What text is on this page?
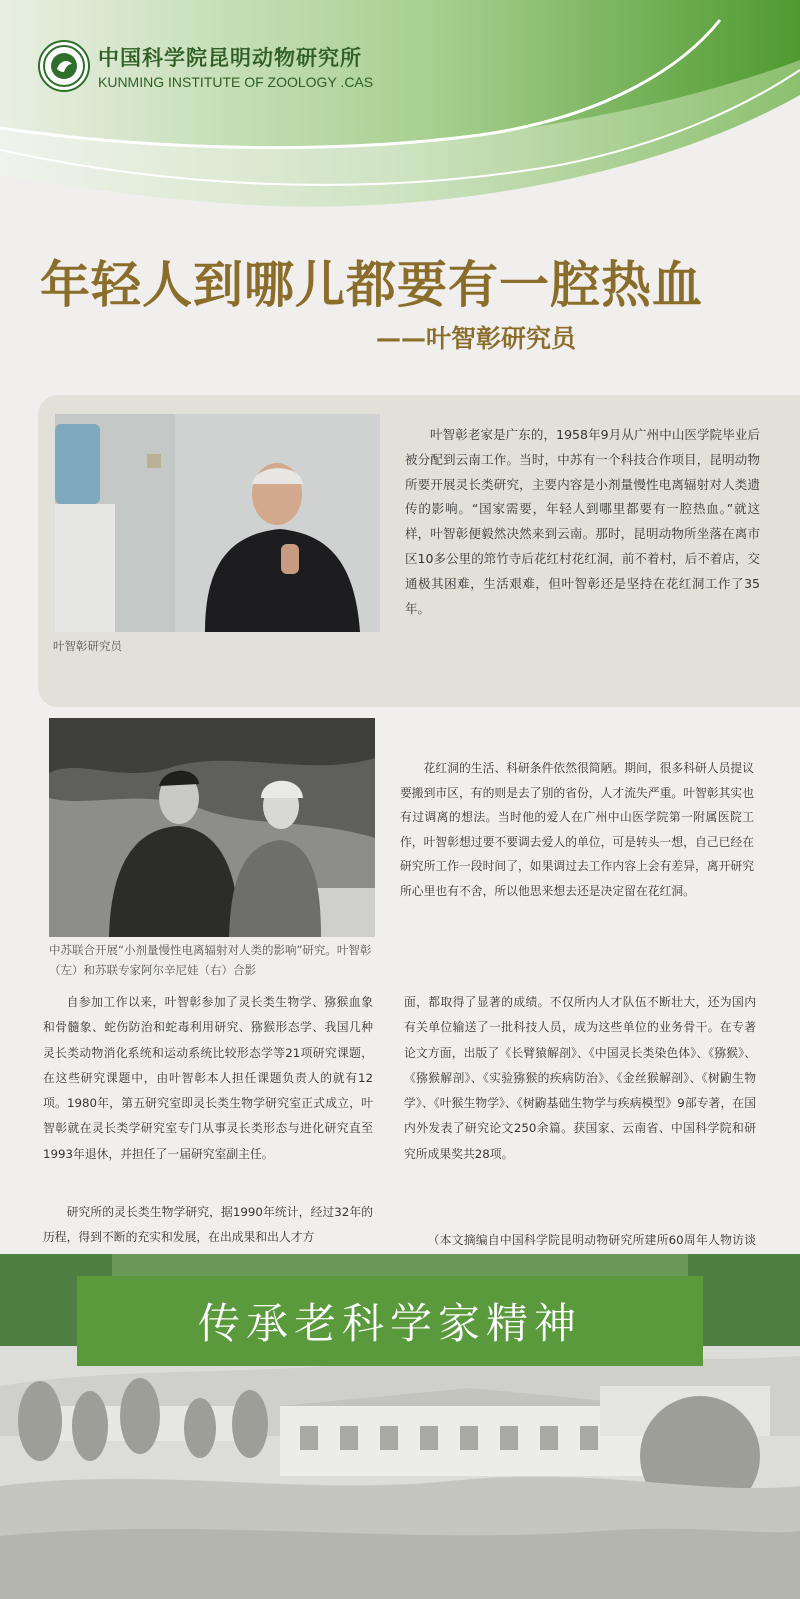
中国科学院昆明动物研究所
KUNMING INSTITUTE OF ZOOLOGY .CAS
年轻人到哪儿都要有一腔热血
——叶智彰研究员
叶智彰研究员
叶智彰老家是广东的，1958年9月从广州中山医学院毕业后被分配到云南工作。当时，中苏有一个科技合作项目，昆明动物所要开展灵长类研究，主要内容是小剂量慢性电离辐射对人类遗传的影响。“国家需要，年轻人到哪里都要有一腔热血。”就这样，叶智彰便毅然决然来到云南。那时，昆明动物所坐落在离市区10多公里的筇竹寺后花红村花红洞，前不着村，后不着店，交通极其困难，生活艰难，但叶智彰还是坚持在花红洞工作了35年。
中苏联合开展“小剂量慢性电离辐射对人类的影响”研究。叶智彰（左）和苏联专家阿尔辛尼娃（右）合影
花红洞的生活、科研条件依然很简陋。期间，很多科研人员提议要搬到市区，有的则是去了别的省份，人才流失严重。叶智彰其实也有过调离的想法。当时他的爱人在广州中山医学院第一附属医院工作，叶智彰想过要不要调去爱人的单位，可是转头一想，自己已经在研究所工作一段时间了，如果调过去工作内容上会有差异，离开研究所心里也有不舍，所以他思来想去还是决定留在花红洞。
自参加工作以来，叶智彰参加了灵长类生物学、猕猴血象和骨髓象、蛇伤防治和蛇毒利用研究、猕猴形态学、我国几种灵长类动物消化系统和运动系统比较形态学等21项研究课题，在这些研究课题中，由叶智彰本人担任课题负责人的就有12项。1980年，第五研究室即灵长类生物学研究室正式成立，叶智彰就在灵长类学研究室专门从事灵长类形态与进化研究直至1993年退休，并担任了一届研究室副主任。
研究所的灵长类生物学研究，据1990年统计，经过32年的历程，得到不断的充实和发展，在出成果和出人才方
面，都取得了显著的成绩。不仅所内人才队伍不断壮大，还为国内有关单位输送了一批科技人员，成为这些单位的业务骨干。在专著论文方面，出版了《长臂猿解剖》、《中国灵长类染色体》、《猕猴》、《猕猴解剖》、《实验猕猴的疾病防治》、《金丝猴解剖》、《树鼩生物学》、《叶猴生物学》、《树鼩基础生物学与疾病模型》9部专著，在国内外发表了研究论文250余篇。获国家、云南省、中国科学院和研究所成果奖共28项。
（本文摘编自中国科学院昆明动物研究所建所60周年人物访谈
传承老科学家精神
